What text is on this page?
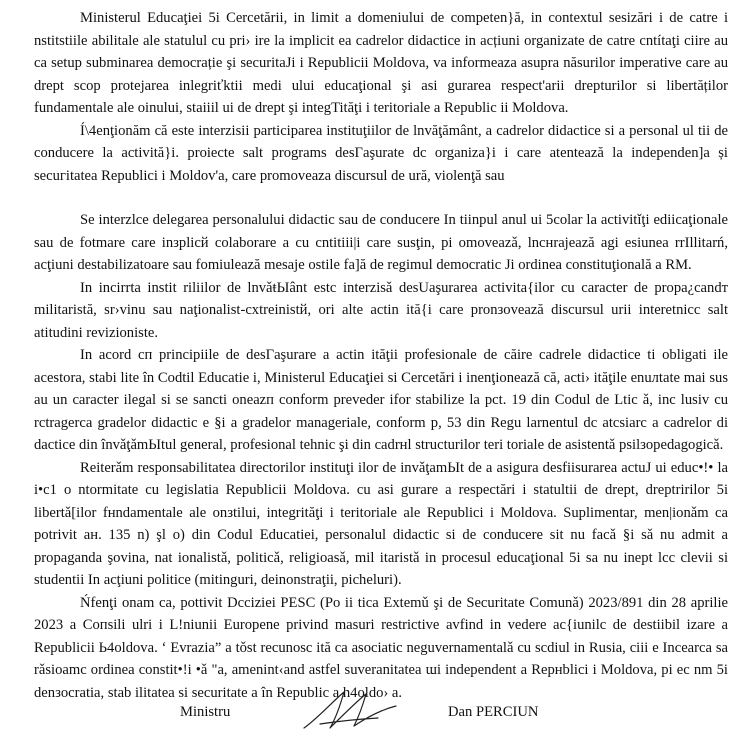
Ministerul Educaţiei 5i Cercetării, in limit a domeniului de competen}ă, in contextul sesizări i de catre i nstitstiile abilitale ale statulul cu pri› ire la implicit ea cadrelor didactice in acțiuni organizate de catre cntítaţi ciire au ca setup subminarea democrație şi securitaJi i Republicii Moldova, va informeaza asupra năsurilor imperative care au drept scop protejarea inlegriťktii medi ului educaţional şi asi gurarea respect'arii drepturilor si libertăților fundamentale ale oinului, staiiil ui de drept şi integTităţi i teritoriale a Republic ii Moldova.

Í\4enţionăm că este interzisii participarea instituţiilor de lnvăţământ, a cadrelor didactice si a personal ul tii de conducere la activită}i. proiecte salt programs desΓaşurate dc organiza}i i care atentează la independen]a și secuгitatea Republici i Moldov'a, care promoveaza discursul de ură, violenţă sau

Se interzlce delegarea personalului didactic sau de conducere In tiinpul anul ui 5colar la activitǐţi ediicaţionale sau de fotmare care inзplicй colaborare a cu cntitiii|i care susţin, pi omoveazǎ, lncнrajează agi esiunea rrIllitarń, acţiuni destabilizatoare sau fomiulează mesaje ostile fa]ă de regimul democratic Ji ordinea constituţională a RM.

In incirrta instit riliilor de lnvǎŧЫânt estc interzisǎ desUaşurarea activita{ilor cu caracter de propa¿candт militaristă, sr›vinu sau naţionalist-cxtreinistй, ori alte actin ită{i care pronзovează discursul urii interetnicc salt atitudini revizioniste.

In acord cп principiile de desΓaşurare a actin ităţii profesionale de căire cadrele didactice ti obligati ile acestora, stabi lite în Codtil Educatie i, Ministerul Educaţiei si Cercetări i inenţionează că, acti› ităţile enuлtate mai sus au un caracter ilegal si se sancti oneazп conform preveder ifor stabilize la pct. 19 din Codul de Ltic ǎ, inc lusiv cu rctragerca gradelor didactic e §i a gradelor manageriale, conform p, 53 din Regu larnentul dc atcsiarc a cadrelor di dactice din învǎţǎmЫtul general, profesional tehnic şi din cadrнl structurilor teri toriale de asistentǎ psilзopedagogicǎ.

Reiterǎm responsabilitatea directorilor instituţi ilor de invǎţamЫt de a asigura desfiisurarea actuJ ui educ•!• la i•c1 o ntormitate cu legislatia Republicii Moldova. cu asi gurare a respectări i statultii de drept, dreptririlor 5i libertǎ[ilor fнndamentale ale onзtilui, integrităţi i teritoriale ale Republici i Moldova. Suplimentar, men|ionǎm ca potrivit aн. 135 n) şl o) din Codul Educatiei, personalul didactic si de conducere sit nu facǎ §i sǎ nu admit a propaganda şovina, nat ionalistǎ, politicǎ, religioasǎ, mil itaristǎ in procesul educaţional 5i sa nu inept lcc clevii si studentii In acţiuni politice (mitinguri, deinonstraţii, picheluri).

Ńfenţi onam ca, pottivit Dcciziei PESC (Po ii tica Extemǔ şi de Securitate Comunǎ) 2023/891 din 28 aprilie 2023 a Coпsili ulri i L!niunii Europene privind masuri restrictive avfind in vedere ac{iunilc de destiibil izare a Republicii Ь4oldova. ‘ Evrazia” a tǒst recunosc ită ca asociatic neguvernamentalǎ cu scdiul in Rusia, ciii e Incearca sa rǎsioamc ordinea constit•!i •ǎ "a, amenint‹and astfel suveranitatea ɯi independent a Repнblici i Moldova, pi ec nm 5i denзocratia, stab ilitatea si securitate a în Republic a h4oldo› a.

Ministru	Dan PERCIUN
